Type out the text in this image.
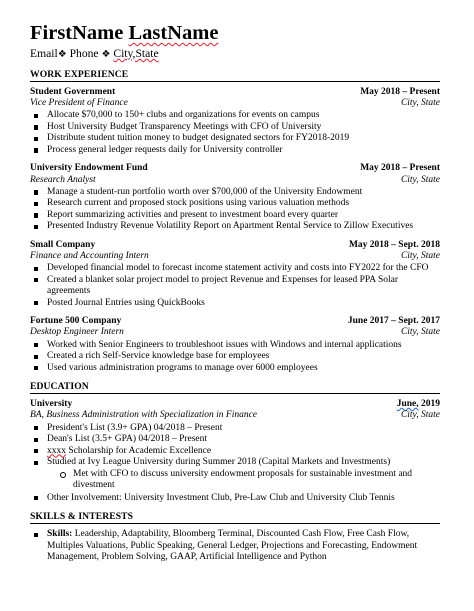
FirstName LastName
Email❖ Phone ❖ City,State
WORK EXPERIENCE
Student Government	May 2018 – Present
Vice President of Finance	City, State
Allocate $70,000 to 150+ clubs and organizations for events on campus
Host University Budget Transparency Meetings with CFO of University
Distribute student tuition money to budget designated sectors for FY2018-2019
Process general ledger requests daily for University controller
University Endowment Fund	May 2018 – Present
Research Analyst	City, State
Manage a student-run portfolio worth over $700,000 of the University Endowment
Research current and proposed stock positions using various valuation methods
Report summarizing activities and present to investment board every quarter
Presented Industry Revenue Volatility Report on Apartment Rental Service to Zillow Executives
Small Company	May 2018 – Sept. 2018
Finance and Accounting Intern	City, State
Developed financial model to forecast income statement activity and costs into FY2022 for the CFO
Created a blanket solar project model to project Revenue and Expenses for leased PPA Solar agreements
Posted Journal Entries using QuickBooks
Fortune 500 Company	June 2017 – Sept. 2017
Desktop Engineer Intern	City, State
Worked with Senior Engineers to troubleshoot issues with Windows and internal applications
Created a rich Self-Service knowledge base for employees
Used various administration programs to manage over 6000 employees
EDUCATION
University	June, 2019
BA, Business Administration with Specialization in Finance	City, State
President's List (3.9+ GPA) 04/2018 – Present
Dean's List (3.5+ GPA) 04/2018 – Present
xxxx Scholarship for Academic Excellence
Studied at Ivy League University during Summer 2018 (Capital Markets and Investments)
Met with CFO to discuss university endowment proposals for sustainable investment and divestment
Other Involvement: University Investment Club, Pre-Law Club and University Club Tennis
SKILLS & INTERESTS
Skills: Leadership, Adaptability, Bloomberg Terminal, Discounted Cash Flow, Free Cash Flow, Multiples Valuations, Public Speaking, General Ledger, Projections and Forecasting, Endowment Management, Problem Solving, GAAP, Artificial Intelligence and Python
